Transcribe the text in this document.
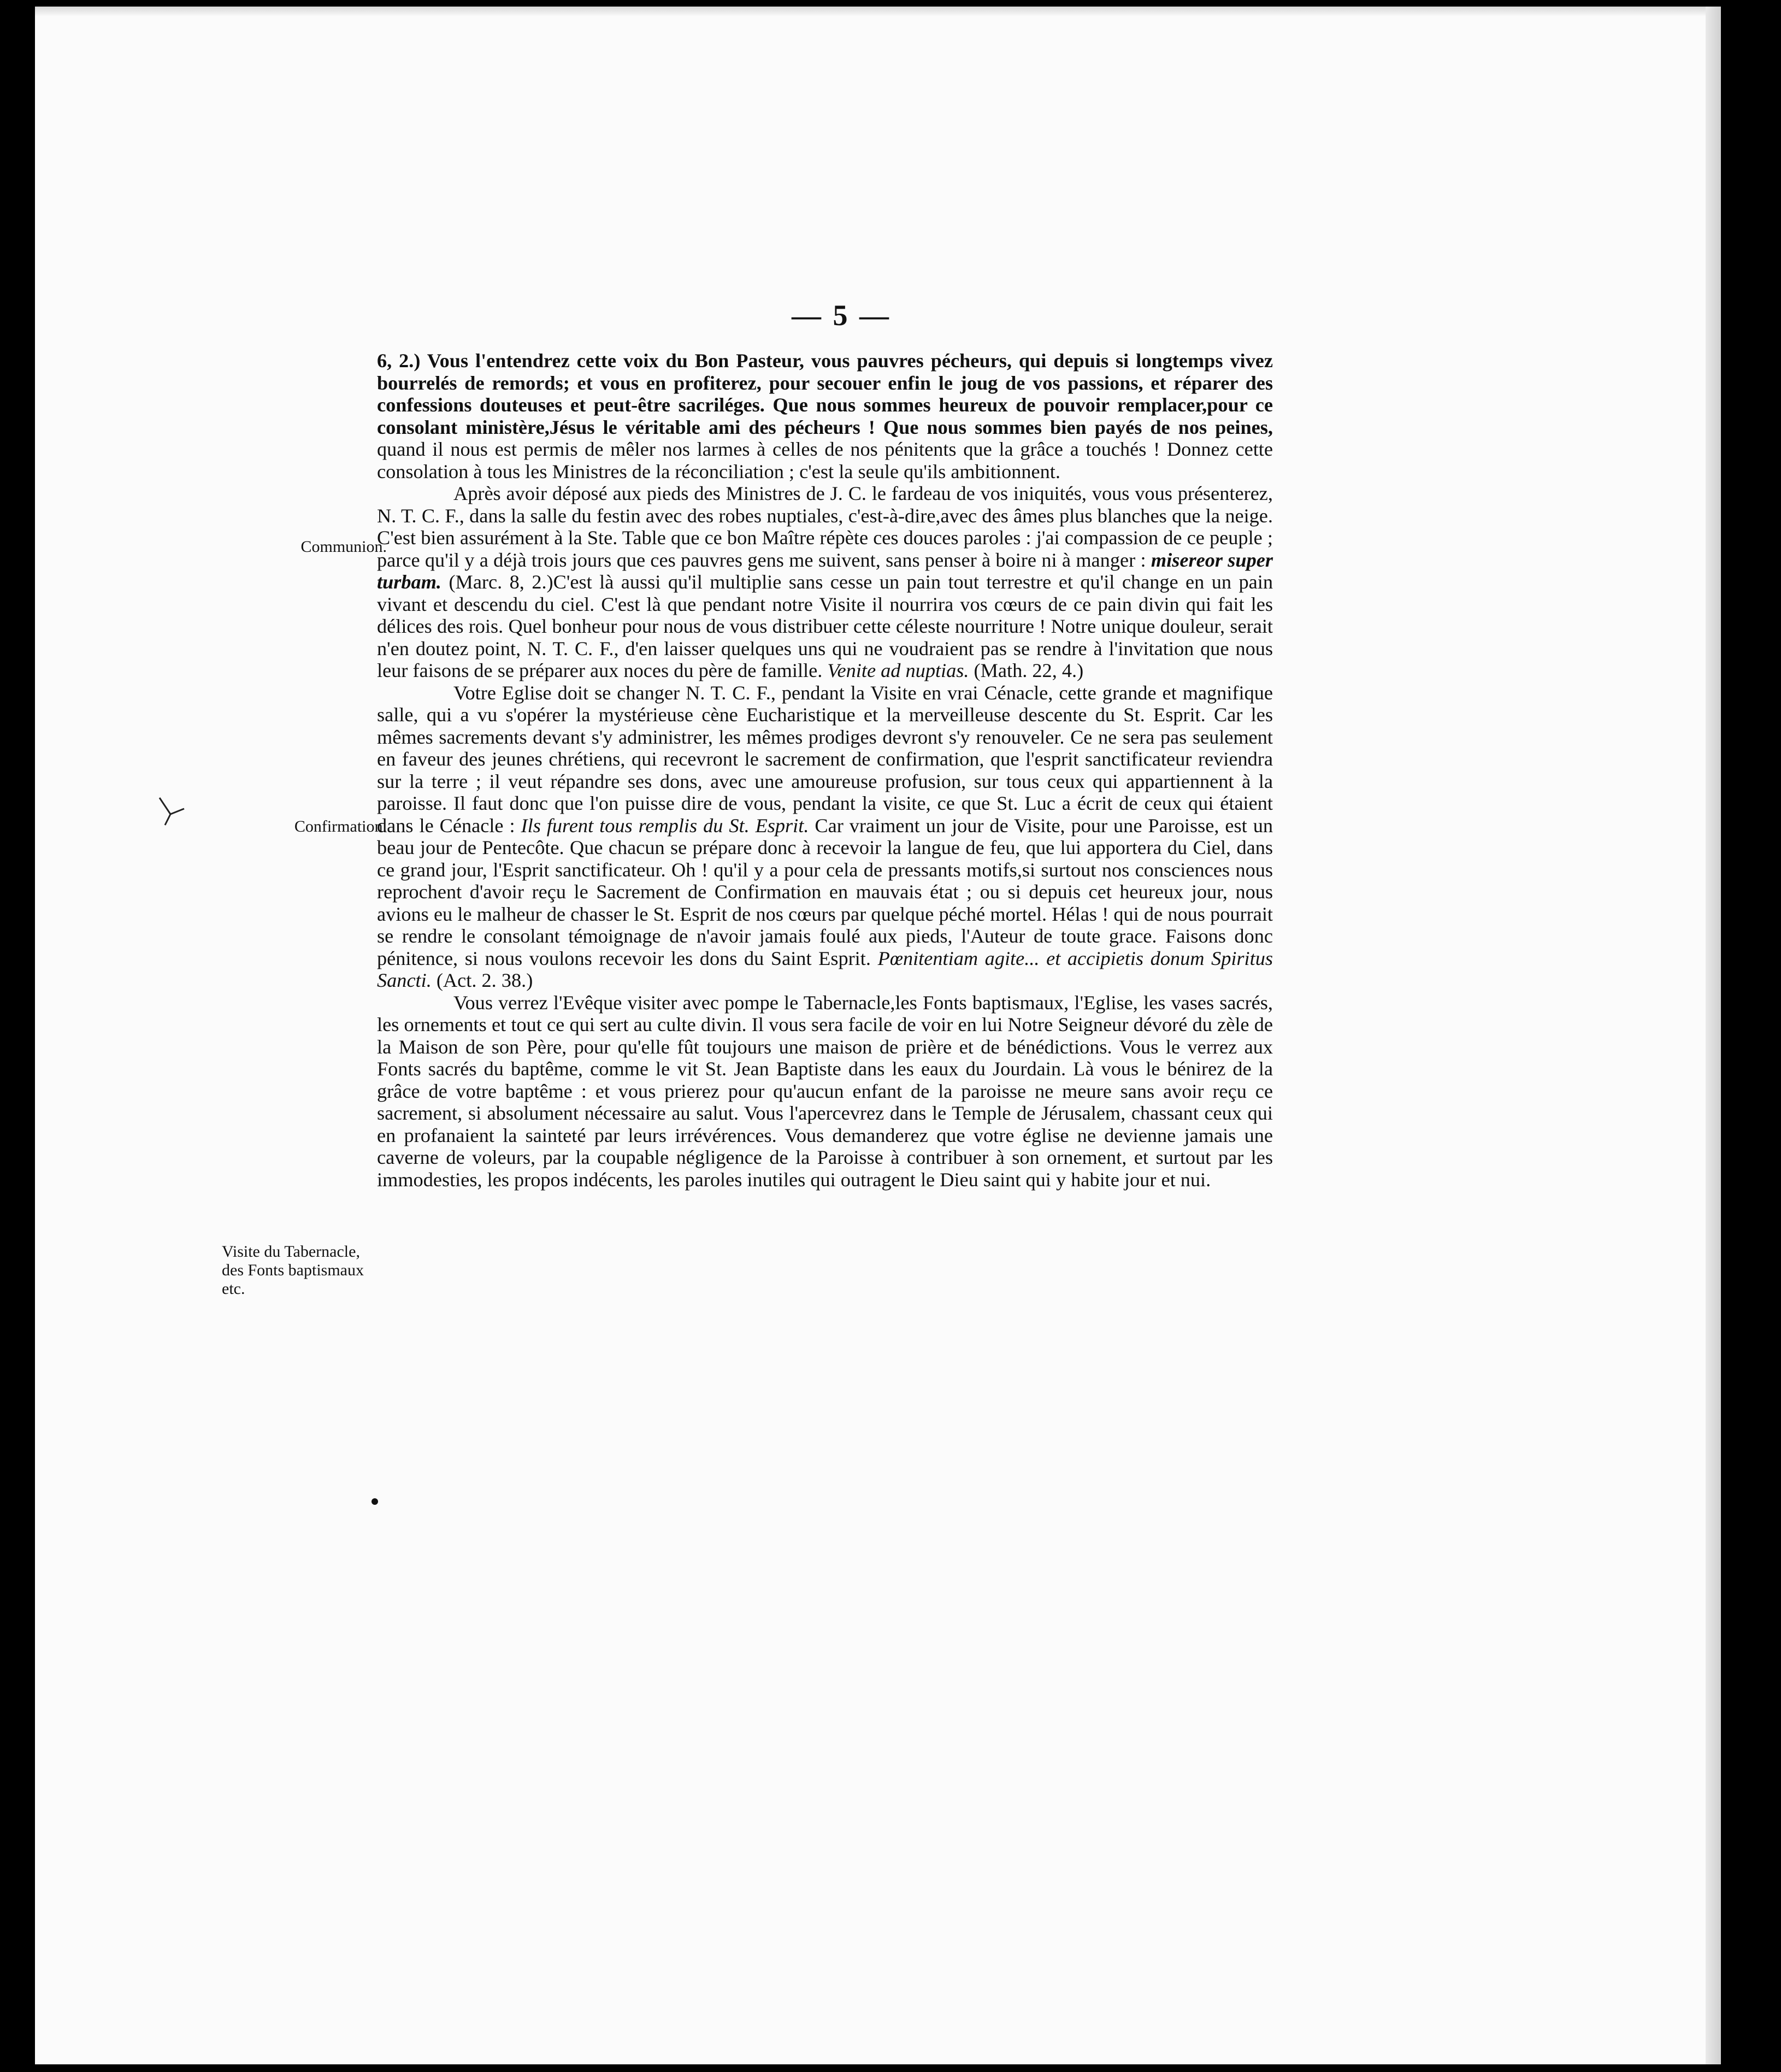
— 5 —
Communion.
Confirmation.
Visite du Tabernacle, des Fonts baptismaux etc.

6, 2.) Vous l'entendrez cette voix du Bon Pasteur, vous pauvres pécheurs, qui depuis si longtemps vivez bourrelés de remords; et vous en profiterez, pour secouer enfin le joug de vos passions, et réparer des confessions douteuses et peut-être sacriléges. Que nous sommes heureux de pouvoir remplacer,pour ce consolant ministère,Jésus le véritable ami des pécheurs ! Que nous sommes bien payés de nos peines, quand il nous est permis de mêler nos larmes à celles de nos pénitents que la grâce a touchés ! Donnez cette consolation à tous les Ministres de la réconciliation ; c'est la seule qu'ils ambitionnent.

Après avoir déposé aux pieds des Ministres de J. C. le fardeau de vos iniquités, vous vous présenterez, N. T. C. F., dans la salle du festin avec des robes nuptiales, c'est-à-dire,avec des âmes plus blanches que la neige. C'est bien assurément à la Ste. Table que ce bon Maître répète ces douces paroles : j'ai compassion de ce peuple ; parce qu'il y a déjà trois jours que ces pauvres gens me suivent, sans penser à boire ni à manger : misereor super turbam. (Marc. 8, 2.)C'est là aussi qu'il multiplie sans cesse un pain tout terrestre et qu'il change en un pain vivant et descendu du ciel. C'est là que pendant notre Visite il nourrira vos cœurs de ce pain divin qui fait les délices des rois. Quel bonheur pour nous de vous distribuer cette céleste nourriture ! Notre unique douleur, serait n'en doutez point, N. T. C. F., d'en laisser quelques uns qui ne voudraient pas se rendre à l'invitation que nous leur faisons de se préparer aux noces du père de famille. Venite ad nuptias. (Math. 22, 4.)

Votre Eglise doit se changer N. T. C. F., pendant la Visite en vrai Cénacle, cette grande et magnifique salle, qui a vu s'opérer la mystérieuse cène Eucharistique et la merveilleuse descente du St. Esprit. Car les mêmes sacrements devant s'y administrer, les mêmes prodiges devront s'y renouveler. Ce ne sera pas seulement en faveur des jeunes chrétiens, qui recevront le sacrement de confirmation, que l'esprit sanctificateur reviendra sur la terre ; il veut répandre ses dons, avec une amoureuse profusion, sur tous ceux qui appartiennent à la paroisse. Il faut donc que l'on puisse dire de vous, pendant la visite, ce que St. Luc a écrit de ceux qui étaient dans le Cénacle : Ils furent tous remplis du St. Esprit. Car vraiment un jour de Visite, pour une Paroisse, est un beau jour de Pentecôte. Que chacun se prépare donc à recevoir la langue de feu, que lui apportera du Ciel, dans ce grand jour, l'Esprit sanctificateur. Oh ! qu'il y a pour cela de pressants motifs,si surtout nos consciences nous reprochent d'avoir reçu le Sacrement de Confirmation en mauvais état ; ou si depuis cet heureux jour, nous avions eu le malheur de chasser le St. Esprit de nos cœurs par quelque péché mortel. Hélas ! qui de nous pourrait se rendre le consolant témoignage de n'avoir jamais foulé aux pieds, l'Auteur de toute grace. Faisons donc pénitence, si nous voulons recevoir les dons du Saint Esprit. Pœnitentiam agite... et accipietis donum Spiritus Sancti. (Act. 2. 38.)

Vous verrez l'Evêque visiter avec pompe le Tabernacle,les Fonts baptismaux, l'Eglise, les vases sacrés, les ornements et tout ce qui sert au culte divin. Il vous sera facile de voir en lui Notre Seigneur dévoré du zèle de la Maison de son Père, pour qu'elle fût toujours une maison de prière et de bénédictions. Vous le verrez aux Fonts sacrés du baptême, comme le vit St. Jean Baptiste dans les eaux du Jourdain. Là vous le bénirez de la grâce de votre baptême : et vous prierez pour qu'aucun enfant de la paroisse ne meure sans avoir reçu ce sacrement, si absolument nécessaire au salut. Vous l'apercevrez dans le Temple de Jérusalem, chassant ceux qui en profanaient la sainteté par leurs irrévérences. Vous demanderez que votre église ne devienne jamais une caverne de voleurs, par la coupable négligence de la Paroisse à contribuer à son ornement, et surtout par les immodesties, les propos indécents, les paroles inutiles qui outragent le Dieu saint qui y habite jour et nui.
